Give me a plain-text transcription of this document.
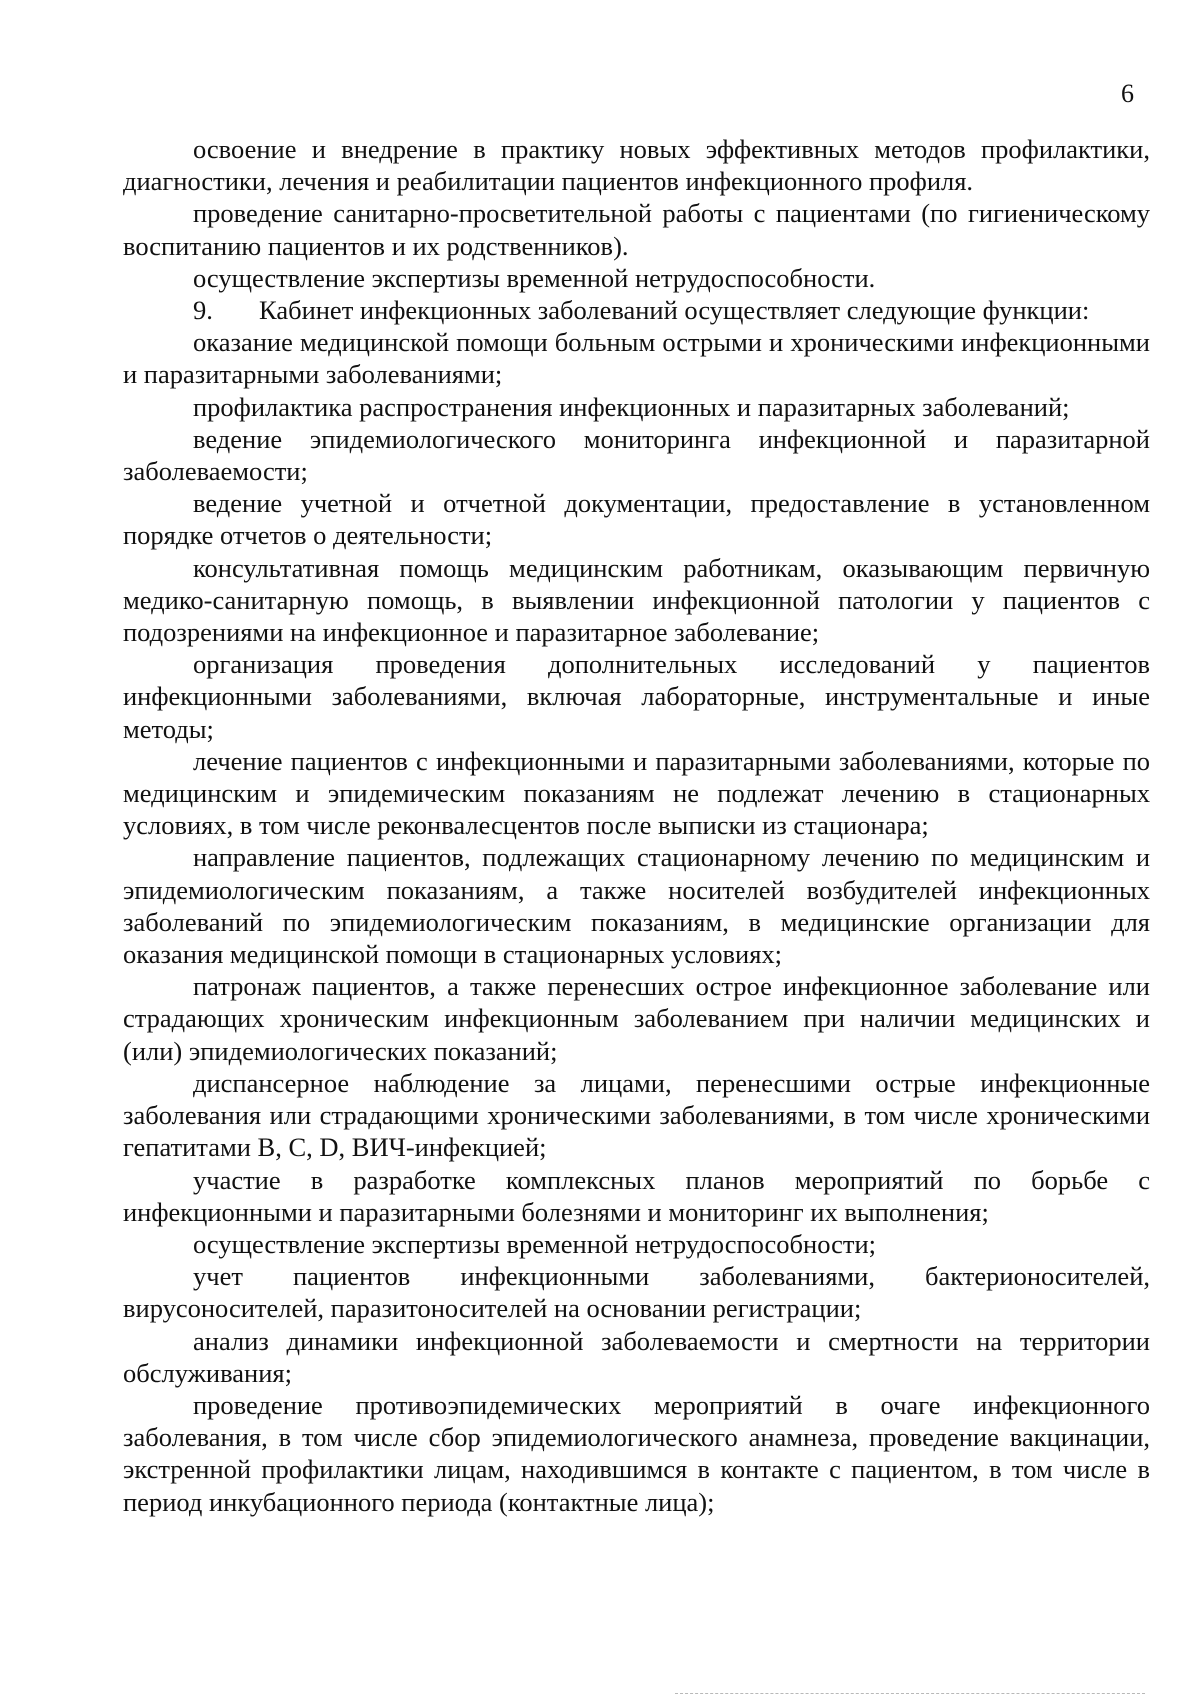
6

освоение и внедрение в практику новых эффективных методов профилактики, диагностики, лечения и реабилитации пациентов инфекционного профиля.

проведение санитарно-просветительной работы с пациентами (по гигиеническому воспитанию пациентов и их родственников).

осуществление экспертизы временной нетрудоспособности.

9. Кабинет инфекционных заболеваний осуществляет следующие функции:

оказание медицинской помощи больным острыми и хроническими инфекционными и паразитарными заболеваниями;

профилактика распространения инфекционных и паразитарных заболеваний;

ведение эпидемиологического мониторинга инфекционной и паразитарной заболеваемости;

ведение учетной и отчетной документации, предоставление в установленном порядке отчетов о деятельности;

консультативная помощь медицинским работникам, оказывающим первичную медико-санитарную помощь, в выявлении инфекционной патологии у пациентов с подозрениями на инфекционное и паразитарное заболевание;

организация проведения дополнительных исследований у пациентов инфекционными заболеваниями, включая лабораторные, инструментальные и иные методы;

лечение пациентов с инфекционными и паразитарными заболеваниями, которые по медицинским и эпидемическим показаниям не подлежат лечению в стационарных условиях, в том числе реконвалесцентов после выписки из стационара;

направление пациентов, подлежащих стационарному лечению по медицинским и эпидемиологическим показаниям, а также носителей возбудителей инфекционных заболеваний по эпидемиологическим показаниям, в медицинские организации для оказания медицинской помощи в стационарных условиях;

патронаж пациентов, а также перенесших острое инфекционное заболевание или страдающих хроническим инфекционным заболеванием при наличии медицинских и (или) эпидемиологических показаний;

диспансерное наблюдение за лицами, перенесшими острые инфекционные заболевания или страдающими хроническими заболеваниями, в том числе хроническими гепатитами B, C, D, ВИЧ-инфекцией;

участие в разработке комплексных планов мероприятий по борьбе с инфекционными и паразитарными болезнями и мониторинг их выполнения;

осуществление экспертизы временной нетрудоспособности;

учет пациентов инфекционными заболеваниями, бактерионосителей, вирусоносителей, паразитоносителей на основании регистрации;

анализ динамики инфекционной заболеваемости и смертности на территории обслуживания;

проведение противоэпидемических мероприятий в очаге инфекционного заболевания, в том числе сбор эпидемиологического анамнеза, проведение вакцинации, экстренной профилактики лицам, находившимся в контакте с пациентом, в том числе в период инкубационного периода (контактные лица);
